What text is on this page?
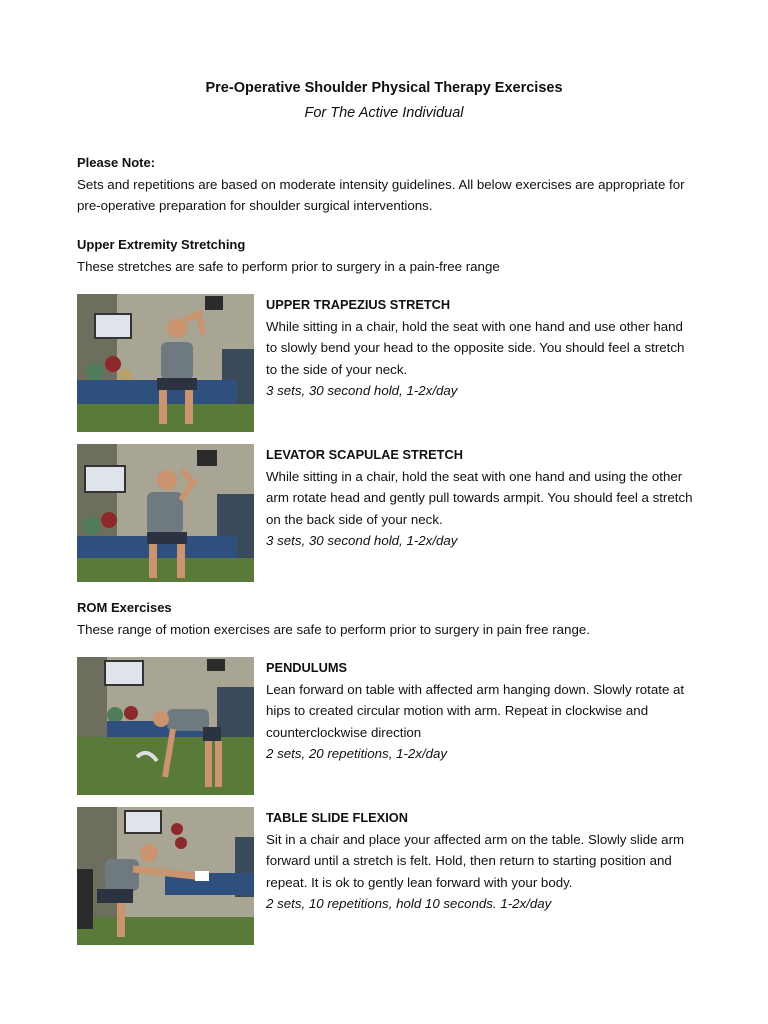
Pre-Operative Shoulder Physical Therapy Exercises
For The Active Individual
Please Note:
Sets and repetitions are based on moderate intensity guidelines. All below exercises are appropriate for pre-operative preparation for shoulder surgical interventions.
Upper Extremity Stretching
These stretches are safe to perform prior to surgery in a pain-free range
UPPER TRAPEZIUS STRETCH
While sitting in a chair, hold the seat with one hand and use other hand to slowly bend your head to the opposite side. You should feel a stretch to the side of your neck.
3 sets, 30 second hold, 1-2x/day
LEVATOR SCAPULAE STRETCH
While sitting in a chair, hold the seat with one hand and using the other arm rotate head and gently pull towards armpit. You should feel a stretch on the back side of your neck.
3 sets, 30 second hold, 1-2x/day
ROM Exercises
These range of motion exercises are safe to perform prior to surgery in pain free range.
PENDULUMS
Lean forward on table with affected arm hanging down. Slowly rotate at hips to created circular motion with arm. Repeat in clockwise and counterclockwise direction
2 sets, 20 repetitions, 1-2x/day
TABLE SLIDE FLEXION
Sit in a chair and place your affected arm on the table. Slowly slide arm forward until a stretch is felt. Hold, then return to starting position and repeat. It is ok to gently lean forward with your body.
2 sets, 10 repetitions, hold 10 seconds. 1-2x/day
